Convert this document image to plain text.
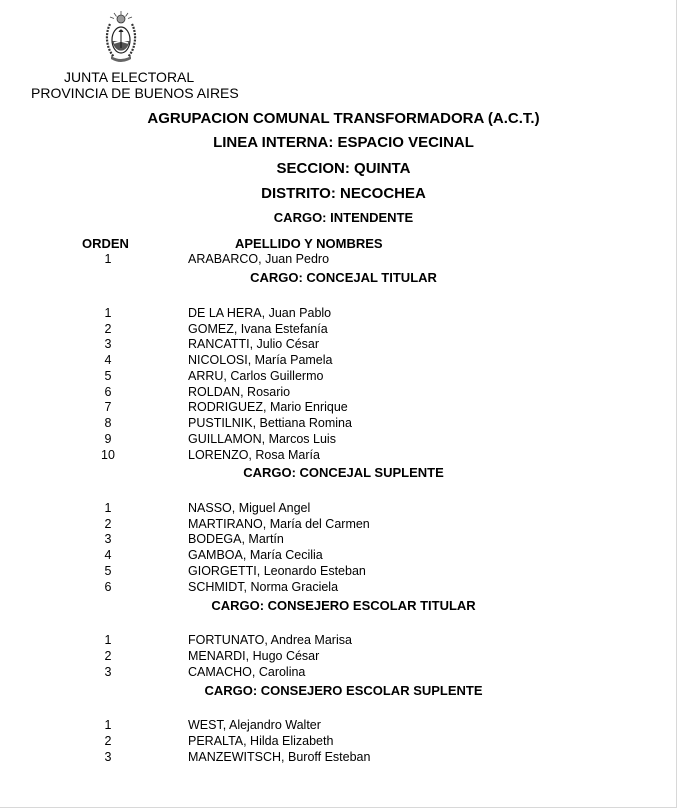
JUNTA ELECTORAL
PROVINCIA DE BUENOS AIRES
AGRUPACION COMUNAL TRANSFORMADORA (A.C.T.)
LINEA INTERNA: ESPACIO VECINAL
SECCION: QUINTA
DISTRITO: NECOCHEA
CARGO: INTENDENTE
ORDEN	APELLIDO Y NOMBRES
1	ARABARCO, Juan Pedro
CARGO: CONCEJAL TITULAR
1	DE LA HERA, Juan Pablo
2	GOMEZ, Ivana Estefanía
3	RANCATTI, Julio César
4	NICOLOSI, María Pamela
5	ARRU, Carlos Guillermo
6	ROLDAN, Rosario
7	RODRIGUEZ, Mario Enrique
8	PUSTILNIK, Bettiana Romina
9	GUILLAMON, Marcos Luis
10	LORENZO, Rosa María
CARGO: CONCEJAL SUPLENTE
1	NASSO, Miguel Angel
2	MARTIRANO, María del Carmen
3	BODEGA, Martín
4	GAMBOA, María Cecilia
5	GIORGETTI, Leonardo Esteban
6	SCHMIDT, Norma Graciela
CARGO: CONSEJERO ESCOLAR TITULAR
1	FORTUNATO, Andrea Marisa
2	MENARDI, Hugo César
3	CAMACHO, Carolina
CARGO: CONSEJERO ESCOLAR SUPLENTE
1	WEST, Alejandro Walter
2	PERALTA, Hilda Elizabeth
3	MANZEWITSCH, Buroff Esteban
